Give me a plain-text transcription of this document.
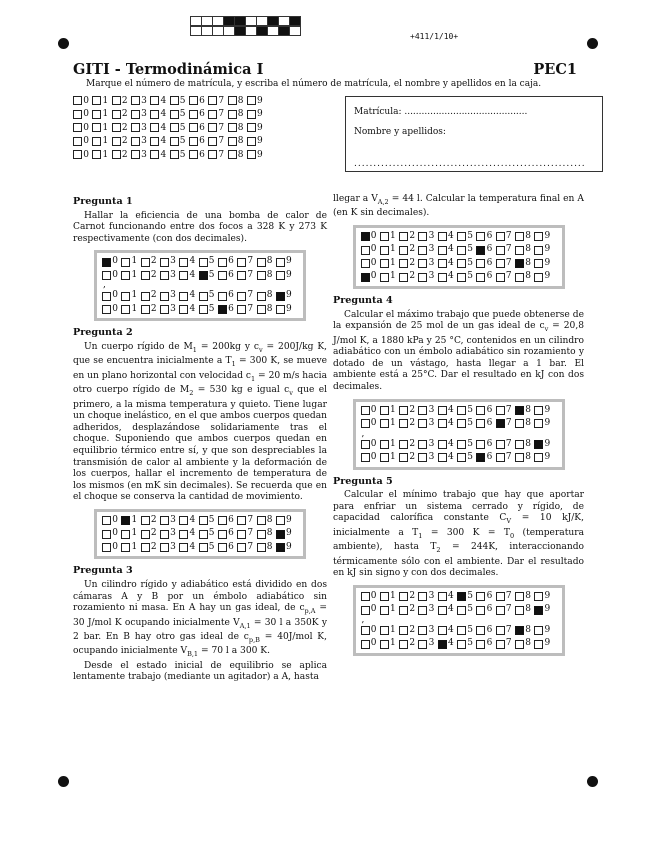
+411/1/10+
GITI - Termodinámica I	PEC1
Marque el número de matrícula, y escriba el número de matrícula, el nombre y apellidos en la caja.
0 1 2 3 4 5 6 7 8 9
0 1 2 3 4 5 6 7 8 9
0 1 2 3 4 5 6 7 8 9
0 1 2 3 4 5 6 7 8 9
0 1 2 3 4 5 6 7 8 9
Matrícula: ...........................................
Nombre y apellidos:
............................................................
Pregunta 1

Hallar la eficiencia de una bomba de calor de Carnot funcionando entre dos focos a 328 K y 273 K respectivamente (con dos decimales).

0 1 2 3 4 5 6 7 8 9
0 1 2 3 4 5 6 7 8 9
,
0 1 2 3 4 5 6 7 8 9
0 1 2 3 4 5 6 7 8 9
Pregunta 2

Un cuerpo rígido de $M_1 = 200kg$ y $c_v = 200J/kg$ K, que se encuentra inicialmente a $T_1 = 300$ K, se mueve en un plano horizontal con velocidad $c_1 = 20$ m/s hacia otro cuerpo rígido de $M_2 = 530$ kg e igual $c_v$ que el primero, a la misma temperatura y quieto. Tiene lugar un choque inelástico, en el que ambos cuerpos quedan adheridos, desplazándose solidariamente tras el choque. Suponiendo que ambos cuerpos quedan en equilibrio térmico entre sí, y que son despreciables la transmisión de calor al ambiente y la deformación de los cuerpos, hallar el incremento de temperatura de los mismos (en mK sin decimales). Se recuerda que en el choque se conserva la cantidad de movimiento.

0 1 2 3 4 5 6 7 8 9
0 1 2 3 4 5 6 7 8 9
0 1 2 3 4 5 6 7 8 9
Pregunta 3

Un cilindro rígido y adiabático está dividido en dos cámaras A y B por un émbolo adiabático sin rozamiento ni masa. En A hay un gas ideal, de $c_{p,A} = 30$ J/mol K ocupando inicialmente $V_{A,1} = 30$ l a 350K y 2 bar. En B hay otro gas ideal de $c_{p,B} = 40J/mol$ K, ocupando inicialmente $V_{B,1} = 70$ l a 300 K.

Desde el estado inicial de equilibrio se aplica lentamente trabajo (mediante un agitador) a A, hasta

llegar a $V_{A,2} = 44$ l. Calcular la temperatura final en A (en K sin decimales).

0 1 2 3 4 5 6 7 8 9
0 1 2 3 4 5 6 7 8 9
0 1 2 3 4 5 6 7 8 9
0 1 2 3 4 5 6 7 8 9
Pregunta 4

Calcular el máximo trabajo que puede obtenerse de la expansión de 25 mol de un gas ideal de $c_v = 20,8$ J/mol K, a 1880 kPa y 25 °C, contenidos en un cilindro adiabático con un émbolo adiabático sin rozamiento y dotado de un vástago, hasta llegar a 1 bar. El ambiente está a 25°C. Dar el resultado en kJ con dos decimales.

0 1 2 3 4 5 6 7 8 9
0 1 2 3 4 5 6 7 8 9
,
0 1 2 3 4 5 6 7 8 9
0 1 2 3 4 5 6 7 8 9
Pregunta 5

Calcular el mínimo trabajo que hay que aportar para enfriar un sistema cerrado y rígido, de capacidad calorífica constante $C_V = 10$ kJ/K, inicialmente a $T_1 = 300$ $K = T_0$ (temperatura ambiente), hasta $T_2 = 244K$, interaccionando térmicamente sólo con el ambiente. Dar el resultado en kJ sin signo y con dos decimales.

0 1 2 3 4 5 6 7 8 9
0 1 2 3 4 5 6 7 8 9
,
0 1 2 3 4 5 6 7 8 9
0 1 2 3 4 5 6 7 8 9
